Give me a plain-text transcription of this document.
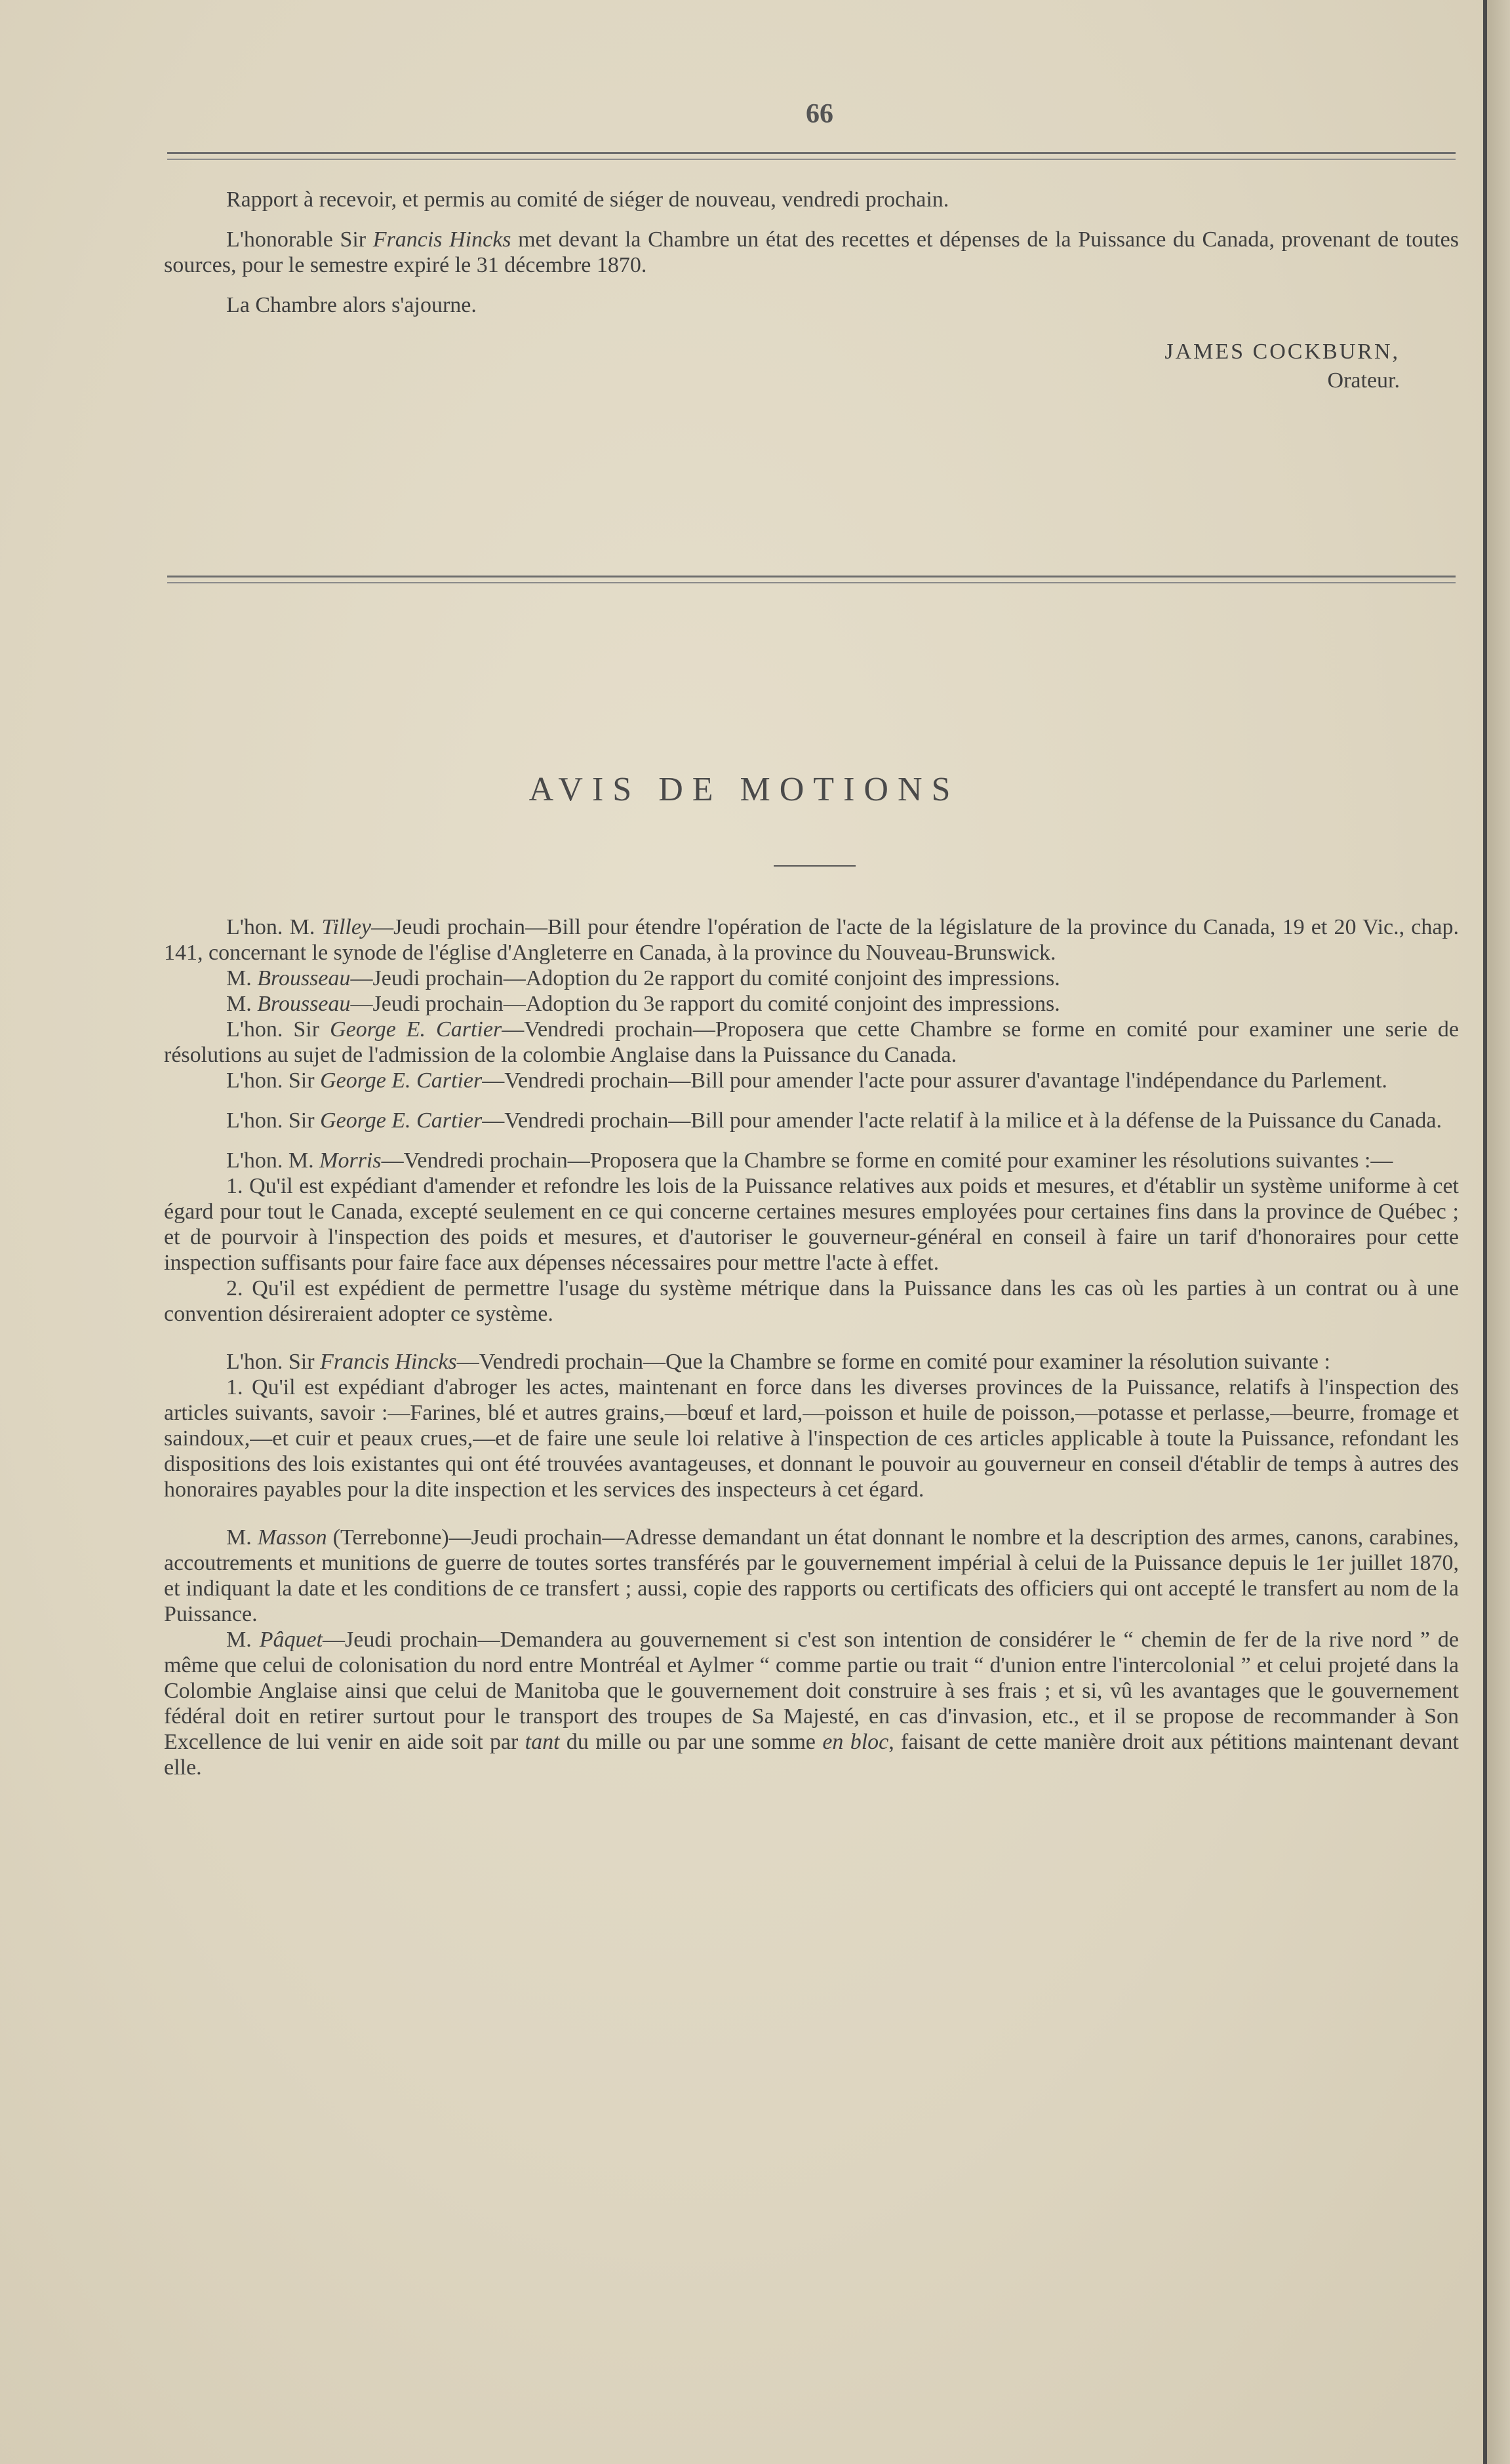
66

Rapport à recevoir, et permis au comité de siéger de nouveau, vendredi prochain.

L'honorable Sir Francis Hincks met devant la Chambre un état des recettes et dépenses de la Puissance du Canada, provenant de toutes sources, pour le semestre expiré le 31 décembre 1870.

La Chambre alors s'ajourne.

JAMES COCKBURN,
Orateur.
AVIS DE MOTIONS

L'hon. M. Tilley—Jeudi prochain—Bill pour étendre l'opération de l'acte de la législature de la province du Canada, 19 et 20 Vic., chap. 141, concernant le synode de l'église d'Angleterre en Canada, à la province du Nouveau-Brunswick.

M. Brousseau—Jeudi prochain—Adoption du 2e rapport du comité conjoint des impressions.

M. Brousseau—Jeudi prochain—Adoption du 3e rapport du comité conjoint des impressions.

L'hon. Sir George E. Cartier—Vendredi prochain—Proposera que cette Chambre se forme en comité pour examiner une serie de résolutions au sujet de l'admission de la colombie Anglaise dans la Puissance du Canada.

L'hon. Sir George E. Cartier—Vendredi prochain—Bill pour amender l'acte pour assurer d'avantage l'indépendance du Parlement.

L'hon. Sir George E. Cartier—Vendredi prochain—Bill pour amender l'acte relatif à la milice et à la défense de la Puissance du Canada.

L'hon. M. Morris—Vendredi prochain—Proposera que la Chambre se forme en comité pour examiner les résolutions suivantes :—

1. Qu'il est expédiant d'amender et refondre les lois de la Puissance relatives aux poids et mesures, et d'établir un système uniforme à cet égard pour tout le Canada, excepté seulement en ce qui concerne certaines mesures employées pour certaines fins dans la province de Québec ; et de pourvoir à l'inspection des poids et mesures, et d'autoriser le gouverneur-général en conseil à faire un tarif d'honoraires pour cette inspection suffisants pour faire face aux dépenses nécessaires pour mettre l'acte à effet.

2. Qu'il est expédient de permettre l'usage du système métrique dans la Puissance dans les cas où les parties à un contrat ou à une convention désireraient adopter ce système.

L'hon. Sir Francis Hincks—Vendredi prochain—Que la Chambre se forme en comité pour examiner la résolution suivante :

1. Qu'il est expédiant d'abroger les actes, maintenant en force dans les diverses provinces de la Puissance, relatifs à l'inspection des articles suivants, savoir :—Farines, blé et autres grains,—bœuf et lard,—poisson et huile de poisson,—potasse et perlasse,—beurre, fromage et saindoux,—et cuir et peaux crues,—et de faire une seule loi relative à l'inspection de ces articles applicable à toute la Puissance, refondant les dispositions des lois existantes qui ont été trouvées avantageuses, et donnant le pouvoir au gouverneur en conseil d'établir de temps à autres des honoraires payables pour la dite inspection et les services des inspecteurs à cet égard.

M. Masson (Terrebonne)—Jeudi prochain—Adresse demandant un état donnant le nombre et la description des armes, canons, carabines, accoutrements et munitions de guerre de toutes sortes transférés par le gouvernement impérial à celui de la Puissance depuis le 1er juillet 1870, et indiquant la date et les conditions de ce transfert ; aussi, copie des rapports ou certificats des officiers qui ont accepté le transfert au nom de la Puissance.

M. Pâquet—Jeudi prochain—Demandera au gouvernement si c'est son intention de considérer le “ chemin de fer de la rive nord ” de même que celui de colonisation du nord entre Montréal et Aylmer “ comme partie ou trait “ d'union entre l'intercolonial ” et celui projeté dans la Colombie Anglaise ainsi que celui de Manitoba que le gouvernement doit construire à ses frais ; et si, vû les avantages que le gouvernement fédéral doit en retirer surtout pour le transport des troupes de Sa Majesté, en cas d'invasion, etc., et il se propose de recommander à Son Excellence de lui venir en aide soit par tant du mille ou par une somme en bloc, faisant de cette manière droit aux pétitions maintenant devant elle.
